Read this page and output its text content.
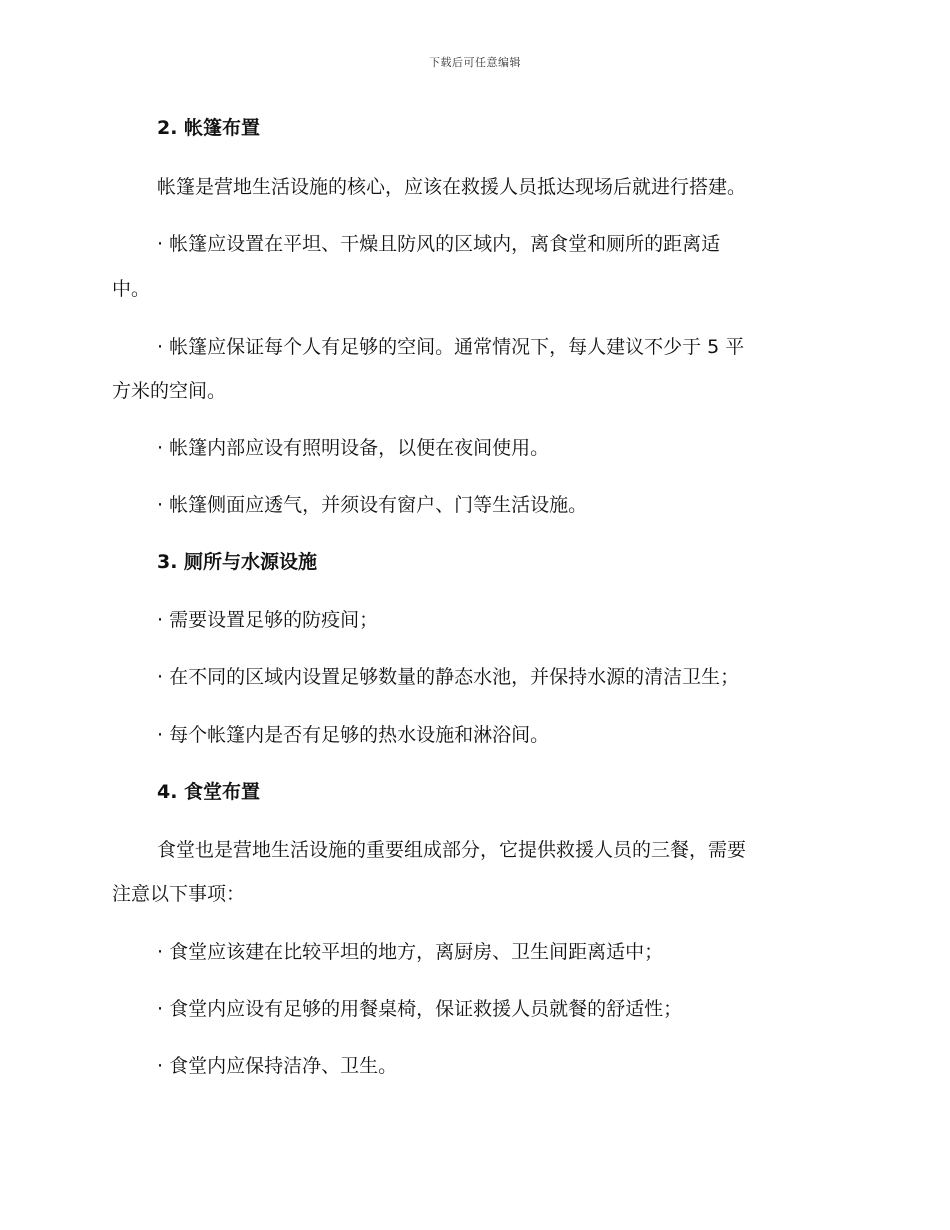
下载后可任意编辑
2. 帐篷布置
帐篷是营地生活设施的核心，应该在救援人员抵达现场后就进行搭建。
· 帐篷应设置在平坦、干燥且防风的区域内，离食堂和厕所的距离适
中。
· 帐篷应保证每个人有足够的空间。通常情况下，每人建议不少于 5 平
方米的空间。
· 帐篷内部应设有照明设备，以便在夜间使用。
· 帐篷侧面应透气，并须设有窗户、门等生活设施。
3. 厕所与水源设施
· 需要设置足够的防疫间；
· 在不同的区域内设置足够数量的静态水池，并保持水源的清洁卫生；
· 每个帐篷内是否有足够的热水设施和淋浴间。
4. 食堂布置
食堂也是营地生活设施的重要组成部分，它提供救援人员的三餐，需要
注意以下事项：
· 食堂应该建在比较平坦的地方，离厨房、卫生间距离适中；
· 食堂内应设有足够的用餐桌椅，保证救援人员就餐的舒适性；
· 食堂内应保持洁净、卫生。
